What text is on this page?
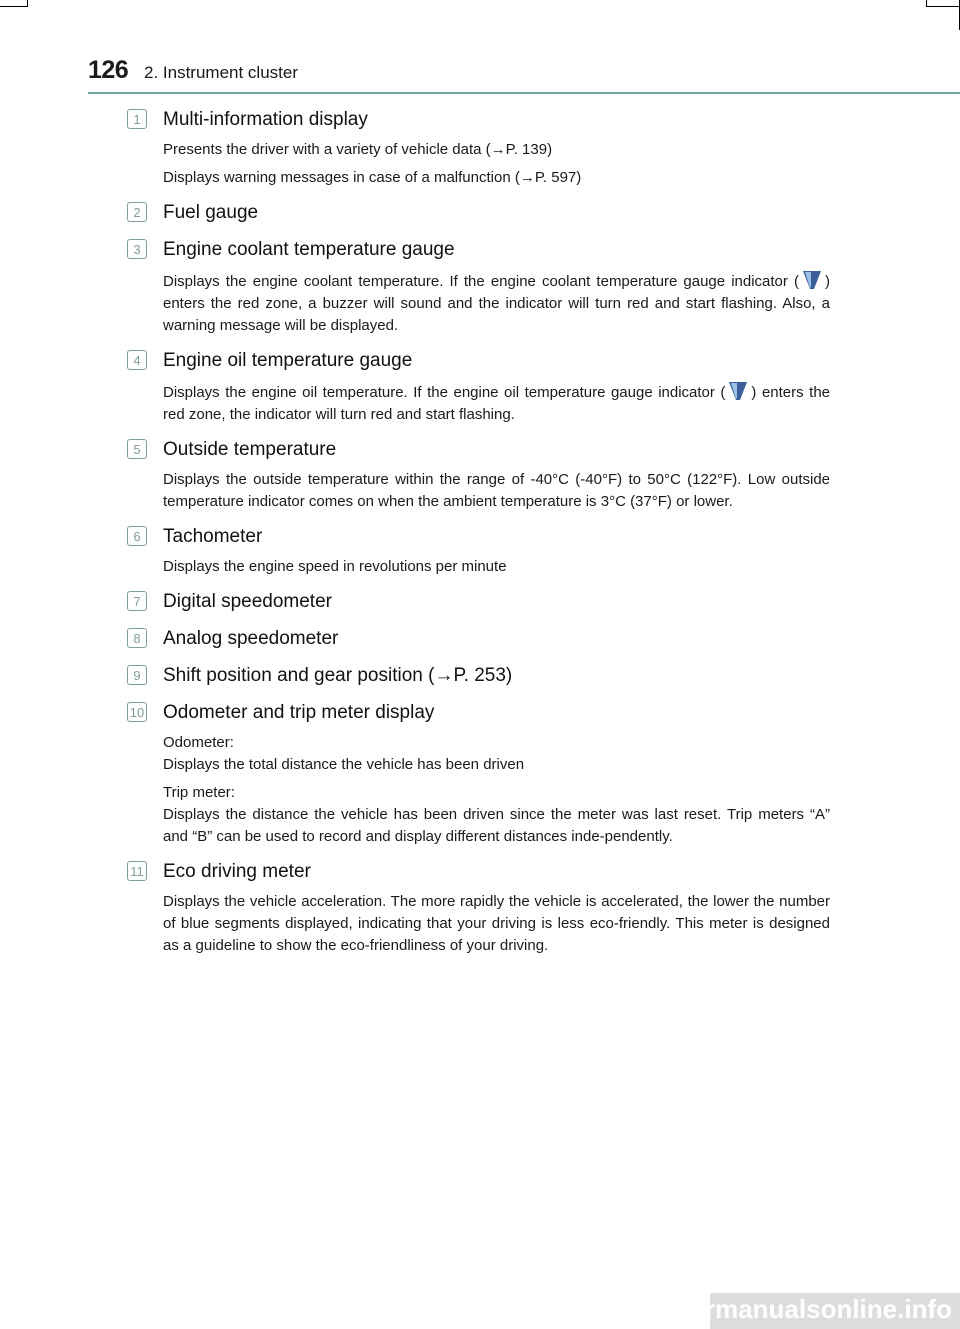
126 2. Instrument cluster
1	Multi-information display

Presents the driver with a variety of vehicle data (→P. 139)

Displays warning messages in case of a malfunction (→P. 597)

2	Fuel gauge
3	Engine coolant temperature gauge

Displays the engine coolant temperature. If the engine coolant temperature gauge indicator ( ) enters the red zone, a buzzer will sound and the indicator will turn red and start flashing. Also, a warning message will be displayed.

4	Engine oil temperature gauge

Displays the engine oil temperature. If the engine oil temperature gauge indicator ( ) enters the red zone, the indicator will turn red and start flashing.

5	Outside temperature

Displays the outside temperature within the range of -40°C (-40°F) to 50°C (122°F). Low outside temperature indicator comes on when the ambient temperature is 3°C (37°F) or lower.

6	Tachometer

Displays the engine speed in revolutions per minute

7	Digital speedometer
8	Analog speedometer
9	Shift position and gear position (→P. 253)
10 Odometer and trip meter display

Odometer:
Displays the total distance the vehicle has been driven

Trip meter:
Displays the distance the vehicle has been driven since the meter was last reset. Trip meters “A” and “B” can be used to record and display different distances inde-pendently.

11 Eco driving meter

Displays the vehicle acceleration. The more rapidly the vehicle is accelerated, the lower the number of blue segments displayed, indicating that your driving is less eco-friendly. This meter is designed as a guideline to show the eco-friendliness of your driving.

carmanualsonline.info
